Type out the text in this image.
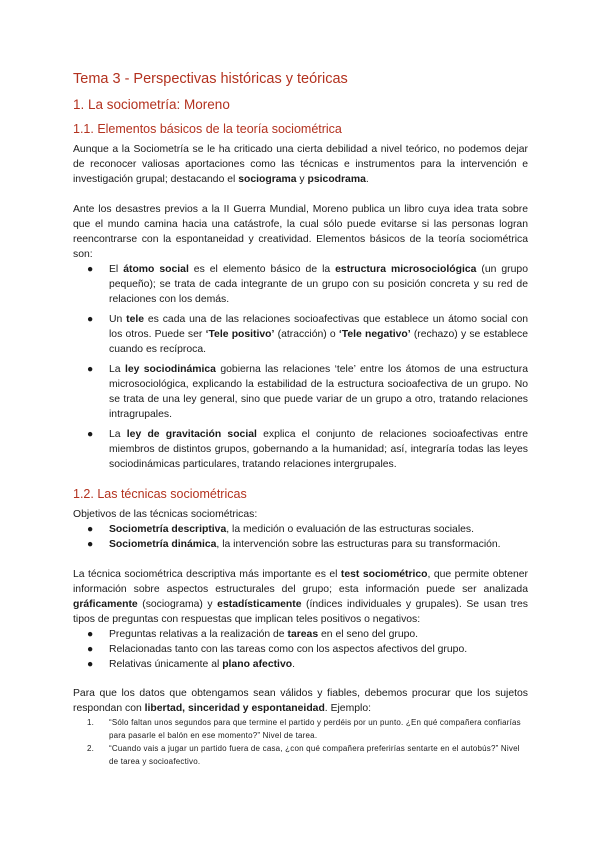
Tema 3 - Perspectivas históricas y teóricas
1. La sociometría: Moreno
1.1. Elementos básicos de la teoría sociométrica

Aunque a la Sociometría se le ha criticado una cierta debilidad a nivel teórico, no podemos dejar de reconocer valiosas aportaciones como las técnicas e instrumentos para la intervención e investigación grupal; destacando el sociograma y psicodrama.

Ante los desastres previos a la II Guerra Mundial, Moreno publica un libro cuya idea trata sobre que el mundo camina hacia una catástrofe, la cual sólo puede evitarse si las personas logran reencontrarse con la espontaneidad y creatividad. Elementos básicos de la teoría sociométrica son:

● El átomo social es el elemento básico de la estructura microsociológica (un grupo pequeño); se trata de cada integrante de un grupo con su posición concreta y su red de relaciones con los demás.
● Un tele es cada una de las relaciones socioafectivas que establece un átomo social con los otros. Puede ser ‘Tele positivo’ (atracción) o ‘Tele negativo’ (rechazo) y se establece cuando es recíproca.
● La ley sociodinámica gobierna las relaciones ‘tele’ entre los átomos de una estructura microsociológica, explicando la estabilidad de la estructura socioafectiva de un grupo. No se trata de una ley general, sino que puede variar de un grupo a otro, tratando relaciones intragrupales.
● La ley de gravitación social explica el conjunto de relaciones socioafectivas entre miembros de distintos grupos, gobernando a la humanidad; así, integraría todas las leyes sociodinámicas particulares, tratando relaciones intergrupales.
1.2. Las técnicas sociométricas

Objetivos de las técnicas sociométricas:

● Sociometría descriptiva, la medición o evaluación de las estructuras sociales.
● Sociometría dinámica, la intervención sobre las estructuras para su transformación.

La técnica sociométrica descriptiva más importante es el test sociométrico, que permite obtener información sobre aspectos estructurales del grupo; esta información puede ser analizada gráficamente (sociograma) y estadísticamente (índices individuales y grupales). Se usan tres tipos de preguntas con respuestas que implican teles positivos o negativos:

● Preguntas relativas a la realización de tareas en el seno del grupo.
● Relacionadas tanto con las tareas como con los aspectos afectivos del grupo.
● Relativas únicamente al plano afectivo.

Para que los datos que obtengamos sean válidos y fiables, debemos procurar que los sujetos respondan con libertad, sinceridad y espontaneidad. Ejemplo:

1. “Sólo faltan unos segundos para que termine el partido y perdéis por un punto. ¿En qué compañera confiarías para pasarle el balón en ese momento?” Nivel de tarea.
2. “Cuando vais a jugar un partido fuera de casa, ¿con qué compañera preferirías sentarte en el autobús?” Nivel de tarea y socioafectivo.
